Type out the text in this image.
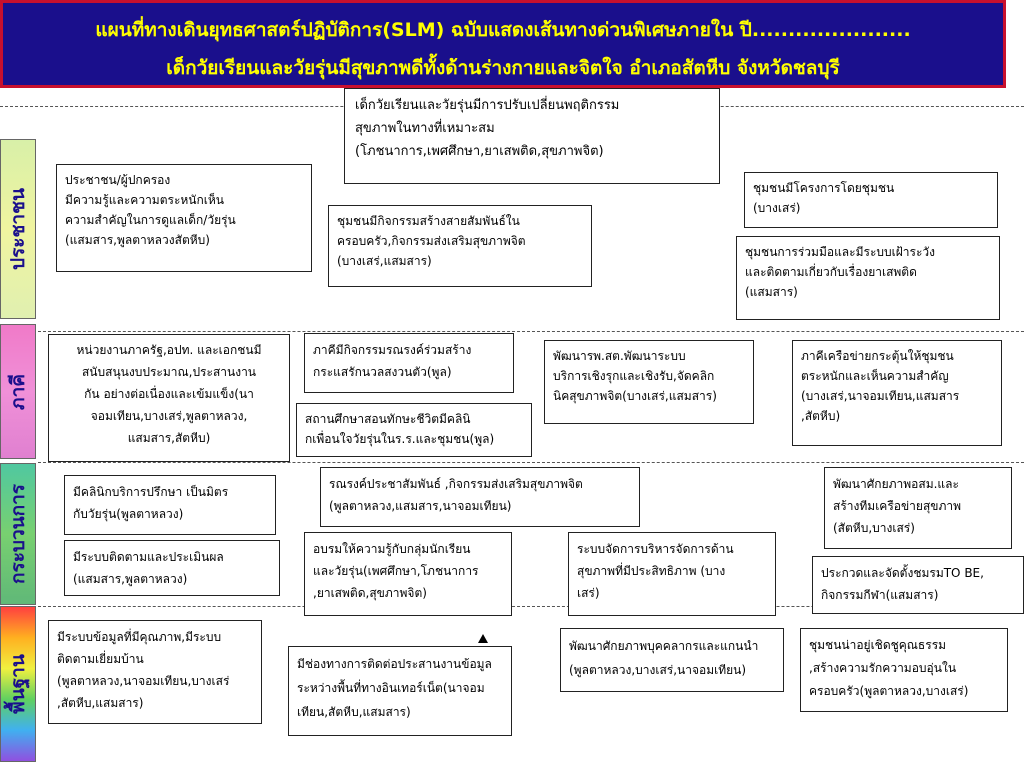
แผนที่ทางเดินยุทธศาสตร์ปฏิบัติการ(SLM) ฉบับแสดงเส้นทางด่วนพิเศษภายใน ปี......................
เด็กวัยเรียนและวัยรุ่นมีสุขภาพดีทั้งด้านร่างกายและจิตใจ อำเภอสัตหีบ จังหวัดชลบุรี
ประชาชน
ภาคี
กระบวนการ
พื้นฐาน
เด็กวัยเรียนและวัยรุ่นมีการปรับเปลี่ยนพฤติกรรม
สุขภาพในทางที่เหมาะสม
(โภชนาการ,เพศศึกษา,ยาเสพติด,สุขภาพจิต)
ประชาชน/ผู้ปกครอง
มีความรู้และความตระหนักเห็น
ความสำคัญในการดูแลเด็ก/วัยรุ่น
(แสมสาร,พูลตาหลวงสัตหีบ)
ชุมชนมีกิจกรรมสร้างสายสัมพันธ์ใน
ครอบครัว,กิจกรรมส่งเสริมสุขภาพจิต
(บางเสร่,แสมสาร)
ชุมชนมีโครงการโดยชุมชน
(บางเสร่)
ชุมชนการร่วมมือและมีระบบเฝ้าระวัง
และติดตามเกี่ยวกับเรื่องยาเสพติด
(แสมสาร)
หน่วยงานภาครัฐ,อปท. และเอกชนมี
สนับสนุนงบประมาณ,ประสานงาน
กัน อย่างต่อเนื่องและเข้มแข็ง(นา
จอมเทียน,บางเสร่,พูลตาหลวง,
แสมสาร,สัตหีบ)
ภาคีมีกิจกรรมรณรงค์ร่วมสร้าง
กระแสรักนวลสงวนตัว(พูล)
สถานศึกษาสอนทักษะชีวิตมีคลินิ
กเพื่อนใจวัยรุ่นในร.ร.และชุมชน(พูล)
พัฒนารพ.สต.พัฒนาระบบ
บริการเชิงรุกและเชิงรับ,จัดคลิก
นิคสุขภาพจิต(บางเสร่,แสมสาร)
ภาคีเครือข่ายกระตุ้นให้ชุมชน
ตระหนักและเห็นความสำคัญ
(บางเสร่,นาจอมเทียน,แสมสาร
,สัตหีบ)
มีคลินิกบริการปรึกษา เป็นมิตร
กับวัยรุ่น(พูลตาหลวง)
รณรงค์ประชาสัมพันธ์ ,กิจกรรมส่งเสริมสุขภาพจิต
(พูลตาหลวง,แสมสาร,นาจอมเทียน)
พัฒนาศักยภาพอสม.และ
สร้างทีมเครือข่ายสุขภาพ
(สัตหีบ,บางเสร่)
มีระบบติดตามและประเมินผล
(แสมสาร,พูลตาหลวง)
อบรมให้ความรู้กับกลุ่มนักเรียน
และวัยรุ่น(เพศศึกษา,โภชนาการ
,ยาเสพติด,สุขภาพจิต)
ระบบจัดการบริหารจัดการด้าน
สุขภาพที่มีประสิทธิภาพ (บาง
เสร่)
ประกวดและจัดตั้งชมรมTO BE,
กิจกรรมกีฬา(แสมสาร)
มีระบบข้อมูลที่มีคุณภาพ,มีระบบ
ติดตามเยี่ยมบ้าน
(พูลตาหลวง,นาจอมเทียน,บางเสร่
,สัตหีบ,แสมสาร)
มีช่องทางการติดต่อประสานงานข้อมูล
ระหว่างพื้นที่ทางอินเทอร์เน็ต(นาจอม
เทียน,สัตหีบ,แสมสาร)
พัฒนาศักยภาพบุคคลากรและแกนนำ
(พูลตาหลวง,บางเสร่,นาจอมเทียน)
ชุมชนน่าอยู่เชิดชูคุณธรรม
,สร้างความรักความอบอุ่นใน
ครอบครัว(พูลตาหลวง,บางเสร่)
